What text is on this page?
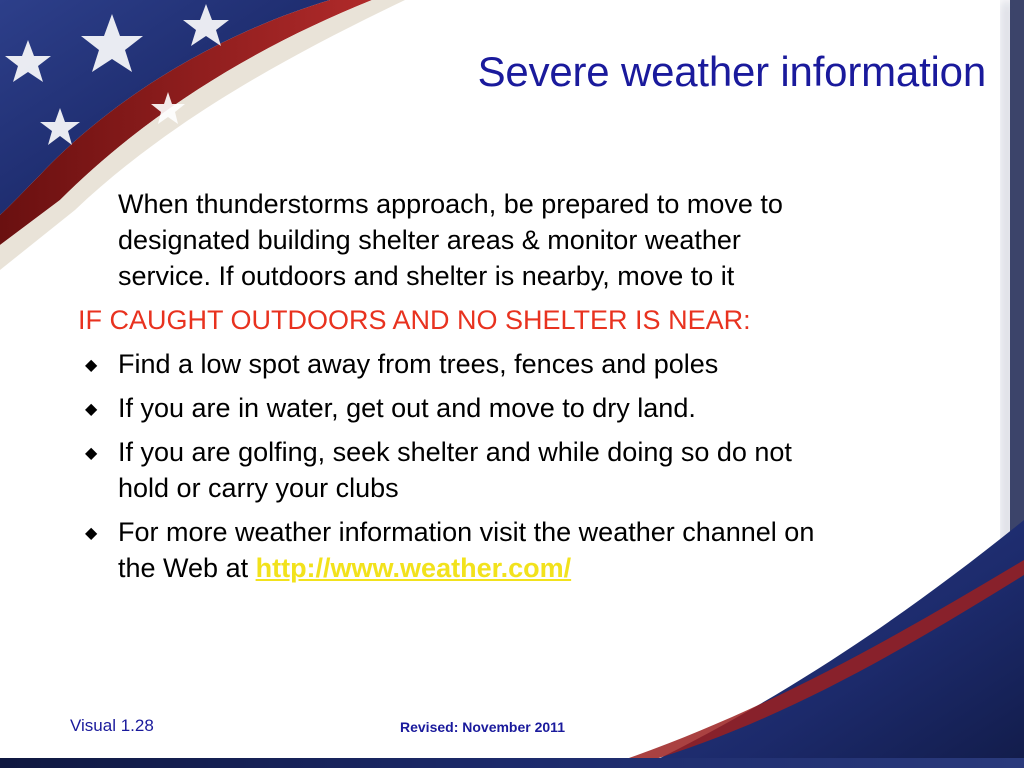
Severe weather information

When thunderstorms approach, be prepared to move to
designated building shelter areas & monitor weather
service. If outdoors and shelter is nearby, move to it

IF CAUGHT OUTDOORS AND NO SHELTER IS NEAR:

◆ Find a low spot away from trees, fences and poles
◆ If you are in water, get out and move to dry land.
◆ If you are golfing, seek shelter and while doing so do not
hold or carry your clubs
◆ For more weather information visit the weather channel on
the Web at http://www.weather.com/
Visual 1.28	Revised: November 2011
